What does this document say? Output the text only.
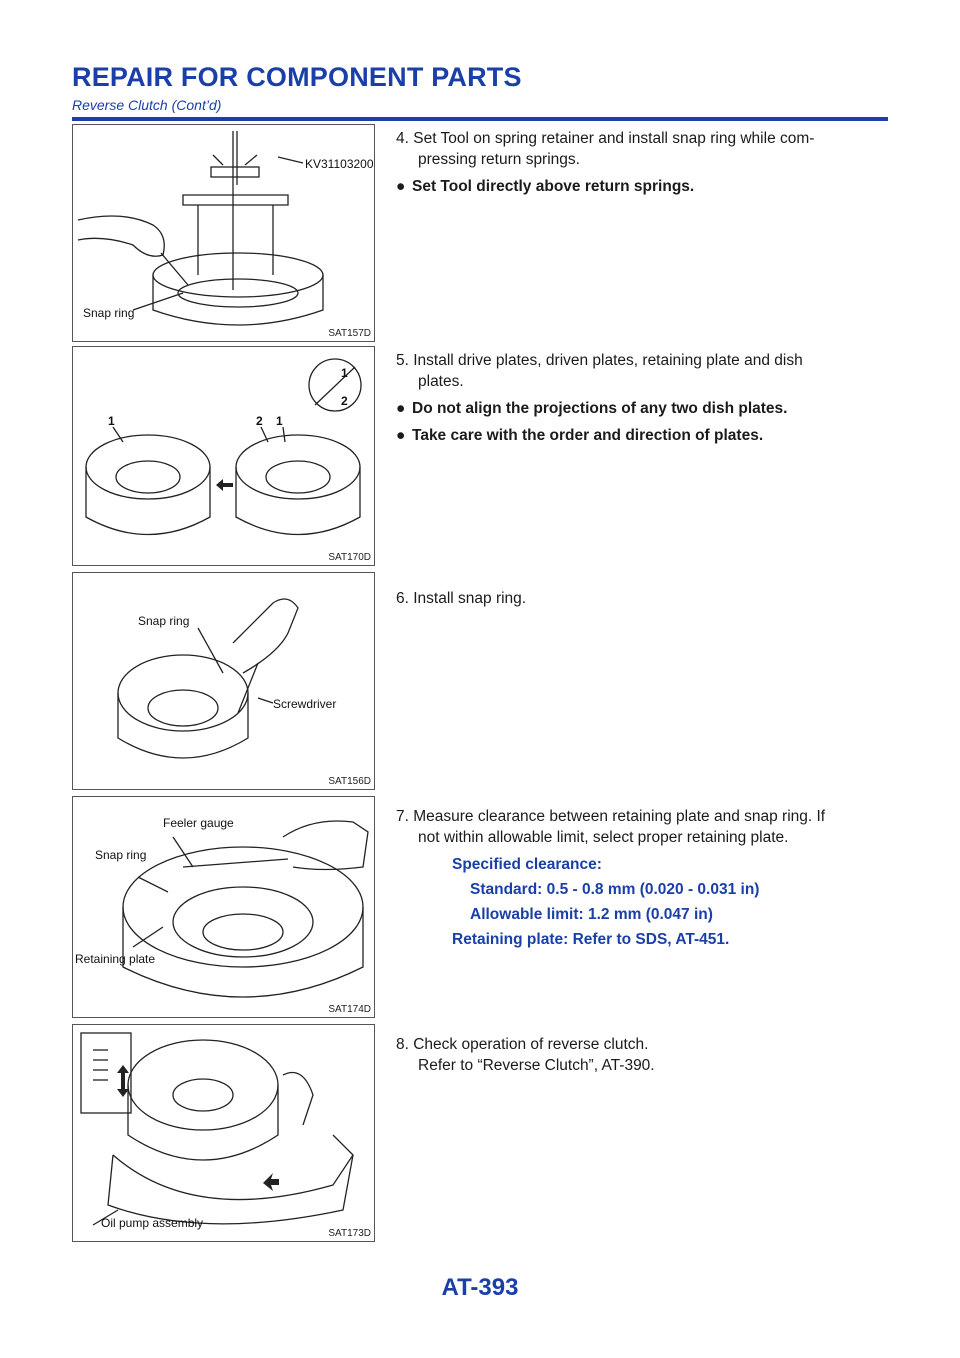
REPAIR FOR COMPONENT PARTS
Reverse Clutch (Cont’d)
KV31103200
Snap ring
SAT157D
1	2 1
1
2
SAT170D
Snap ring
Screwdriver
SAT156D
Feeler gauge
Snap ring
Retaining plate
SAT174D
Oil pump assembly
SAT173D
4. Set Tool on spring retainer and install snap ring while com-
pressing return springs.
● Set Tool directly above return springs.
5. Install drive plates, driven plates, retaining plate and dish
plates.
● Do not align the projections of any two dish plates.
● Take care with the order and direction of plates.
6. Install snap ring.
7. Measure clearance between retaining plate and snap ring. If
not within allowable limit, select proper retaining plate.
Specified clearance:
Standard: 0.5 - 0.8 mm (0.020 - 0.031 in)
Allowable limit: 1.2 mm (0.047 in)
Retaining plate: Refer to SDS, AT-451.
8. Check operation of reverse clutch.
Refer to “Reverse Clutch”, AT-390.
AT-393
